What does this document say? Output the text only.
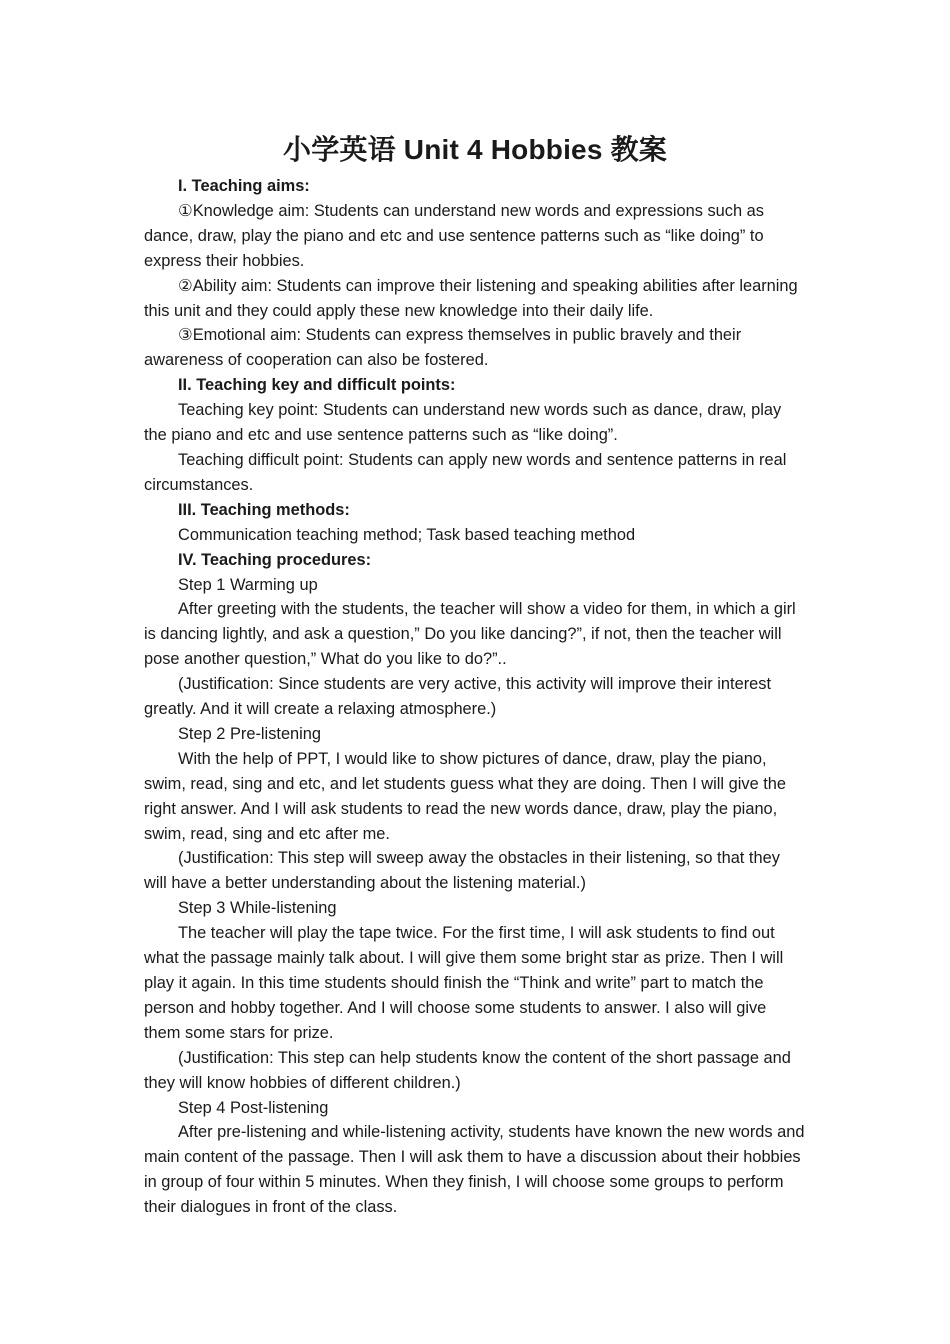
小学英语 Unit 4 Hobbies 教案

I. Teaching aims:

①Knowledge aim: Students can understand new words and expressions such as dance, draw, play the piano and etc and use sentence patterns such as “like doing” to express their hobbies.

②Ability aim: Students can improve their listening and speaking abilities after learning this unit and they could apply these new knowledge into their daily life.

③Emotional aim: Students can express themselves in public bravely and their awareness of cooperation can also be fostered.

II. Teaching key and difficult points:

Teaching key point: Students can understand new words such as dance, draw, play the piano and etc and use sentence patterns such as “like doing”.

Teaching difficult point: Students can apply new words and sentence patterns in real circumstances.

III. Teaching methods:

Communication teaching method; Task based teaching method

IV. Teaching procedures:

Step 1 Warming up

After greeting with the students, the teacher will show a video for them, in which a girl is dancing lightly, and ask a question,” Do you like dancing?”, if not, then the teacher will pose another question,” What do you like to do?”..

(Justification: Since students are very active, this activity will improve their interest greatly. And it will create a relaxing atmosphere.)

Step 2 Pre-listening

With the help of PPT, I would like to show pictures of dance, draw, play the piano, swim, read, sing and etc, and let students guess what they are doing. Then I will give the right answer. And I will ask students to read the new words dance, draw, play the piano, swim, read, sing and etc after me.

(Justification: This step will sweep away the obstacles in their listening, so that they will have a better understanding about the listening material.)

Step 3 While-listening

The teacher will play the tape twice. For the first time, I will ask students to find out what the passage mainly talk about. I will give them some bright star as prize. Then I will play it again. In this time students should finish the “Think and write” part to match the person and hobby together. And I will choose some students to answer. I also will give them some stars for prize.

(Justification: This step can help students know the content of the short passage and they will know hobbies of different children.)

Step 4 Post-listening

After pre-listening and while-listening activity, students have known the new words and main content of the passage. Then I will ask them to have a discussion about their hobbies in group of four within 5 minutes. When they finish, I will choose some groups to perform their dialogues in front of the class.
